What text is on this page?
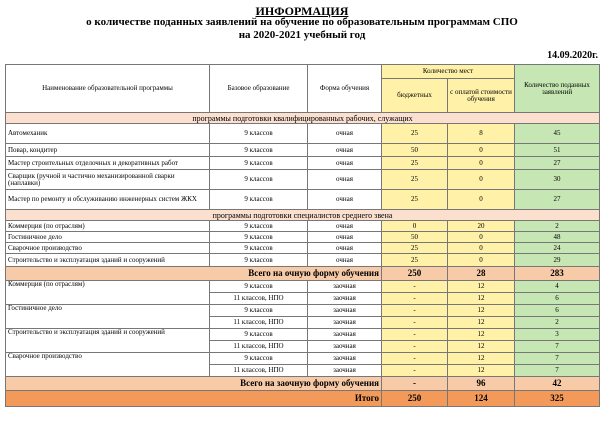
ИНФОРМАЦИЯ
о количестве поданных заявлений на обучение по образовательным программам СПО
на 2020-2021 учебный год
14.09.2020г.
Наименование образовательной программы	Базовое образование	Форма обучения	Количество мест		Количество поданных заявлений
			бюджетных	с оплатой стоимости обучения	
программы подготовки квалифицированных рабочих, служащих					
Автомеханик	9 классов	очная	25	8	45
Повар, кондитер	9 классов	очная	50	0	51
Мастер строительных отделочных и декоративных работ	9 классов	очная	25	0	27
Сварщик (ручной и частично механизированной сварки (наплавки)	9 классов	очная	25	0	30
Мастер по ремонту и обслуживанию инженерных систем ЖКХ	9 классов	очная	25	0	27
программы подготовки специалистов среднего звена					
Коммерция (по отраслям)	9 классов	очная	0	20	2
Гостиничное дело	9 классов	очная	50	0	48
Сварочное производство	9 классов	очная	25	0	24
Строительство и эксплуатация зданий и сооружений	9 классов	очная	25	0	29
Всего на очную форму обучения			250	28	283
Коммерция (по отраслям)	9 классов	заочная	-	12	4
	11 классов, НПО	заочная	-	12	6
Гостиничное дело	9 классов	заочная	-	12	6
	11 классов, НПО	заочная	-	12	2
Строительство и эксплуатация зданий и сооружений	9 классов	заочная	-	12	3
	11 классов, НПО	заочная	-	12	7
Сварочное производство	9 классов	заочная	-	12	7
	11 классов, НПО	заочная	-	12	7
Всего на заочную форму обучения			-	96	42
Итого			250	124	325
